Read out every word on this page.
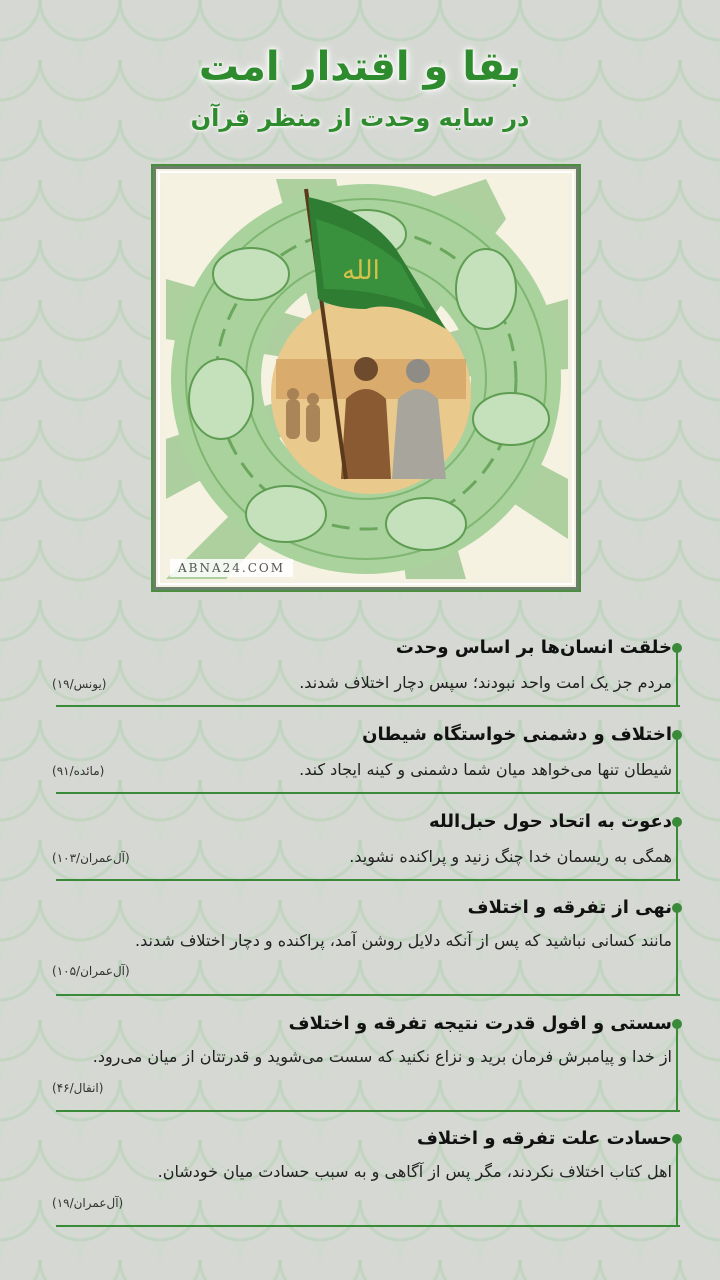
بقا و اقتدار امت
در سایه وحدت از منظر قرآن
الله
ABNA24.COM
خلقت انسان‌ها بر اساس وحدت
مردم جز یک امت واحد نبودند؛ سپس دچار اختلاف شدند.
(یونس/۱۹)
اختلاف و دشمنی خواستگاه شیطان
شیطان تنها می‌خواهد میان شما دشمنی و کینه ایجاد کند.
(مائده/۹۱)
دعوت به اتحاد حول حبل‌الله
همگی به ریسمان خدا چنگ زنید و پراکنده نشوید.
(آل‌عمران/۱۰۳)
نهی از تفرقه و اختلاف
مانند کسانی نباشید که پس از آنکه دلایل روشن آمد، پراکنده و دچار اختلاف شدند.
(آل‌عمران/۱۰۵)
سستی و افول قدرت نتیجه تفرقه و اختلاف
از خدا و پیامبرش فرمان برید و نزاع نکنید که سست می‌شوید و قدرتتان از میان می‌رود.
(انفال/۴۶)
حسادت علت تفرقه و اختلاف
اهل کتاب اختلاف نکردند، مگر پس از آگاهی و به سبب حسادت میان خودشان.
(آل‌عمران/۱۹)
